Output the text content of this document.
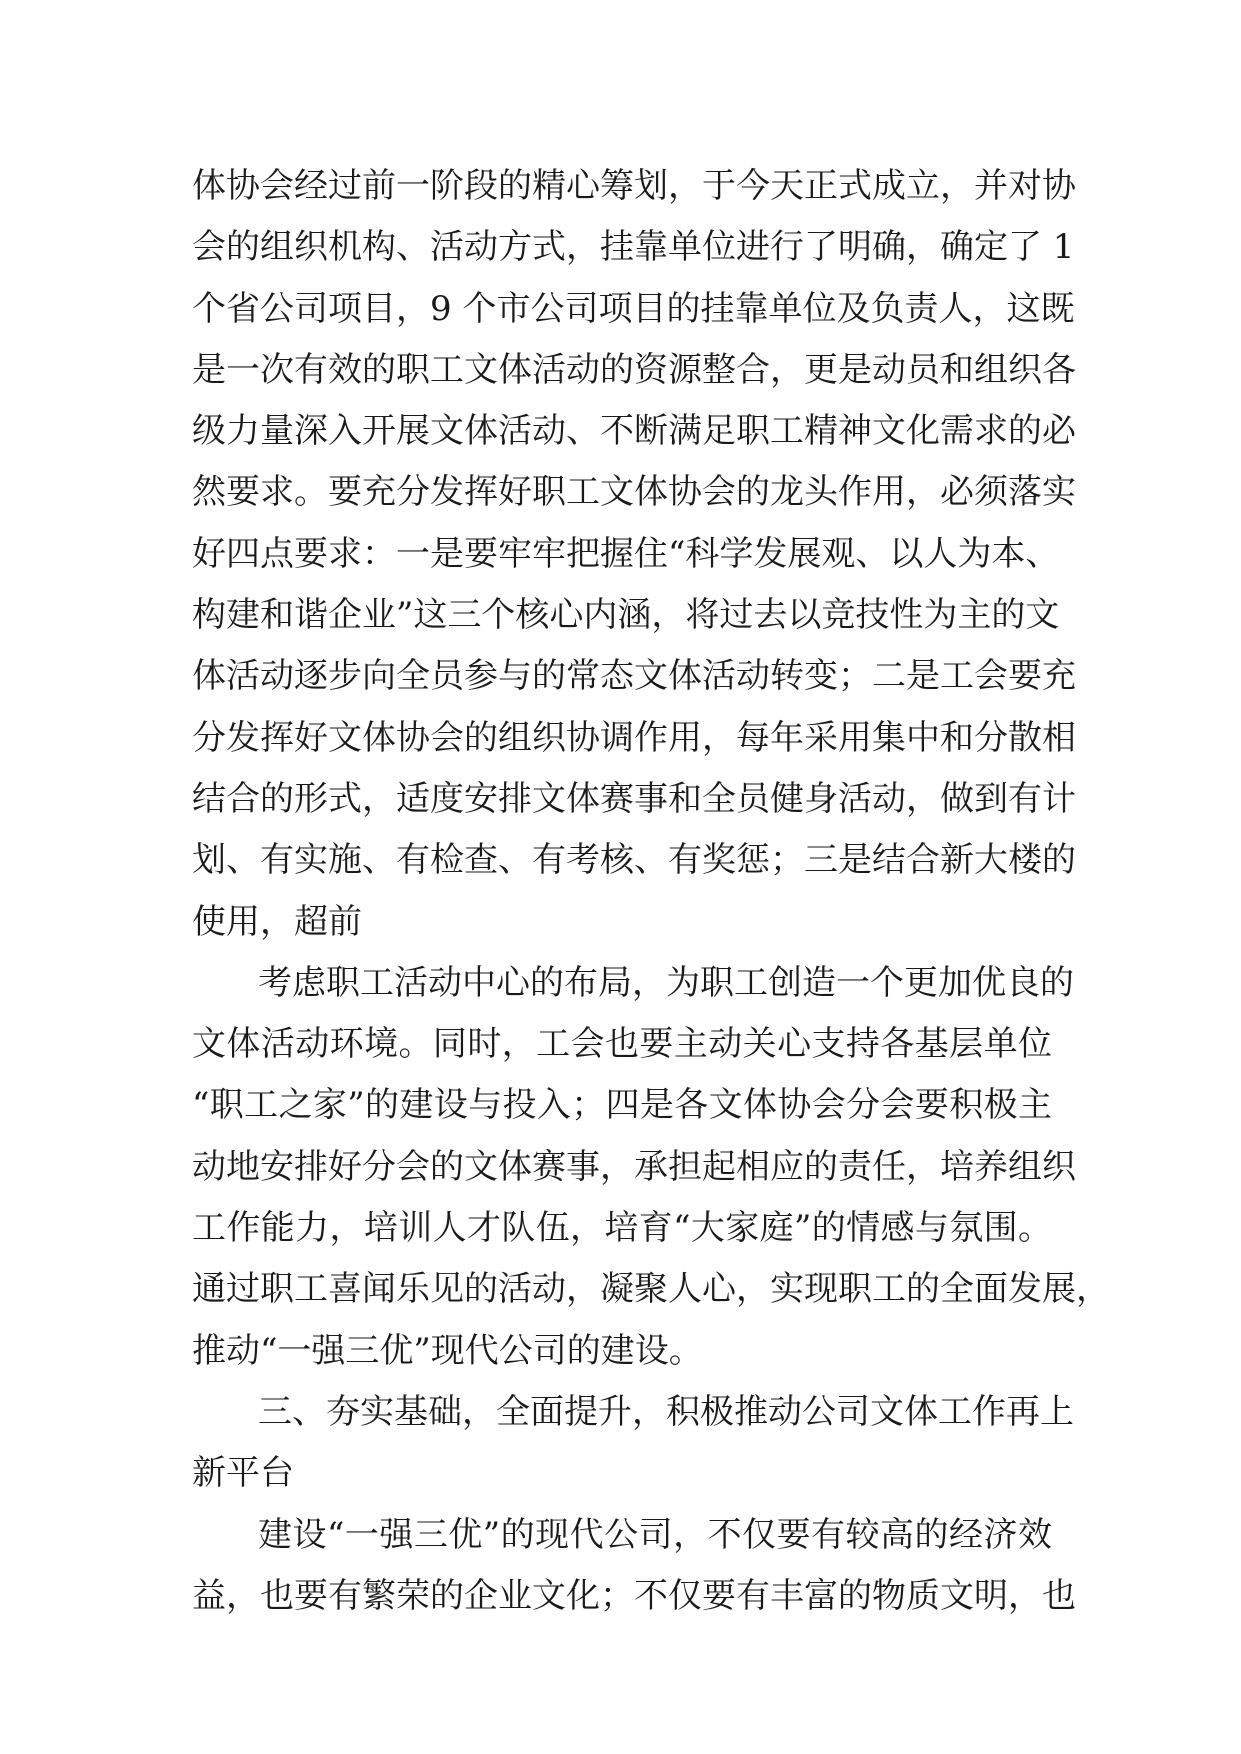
体协会经过前一阶段的精心筹划，于今天正式成立，并对协
会的组织机构、活动方式，挂靠单位进行了明确，确定了 1
个省公司项目，9 个市公司项目的挂靠单位及负责人，这既
是一次有效的职工文体活动的资源整合，更是动员和组织各
级力量深入开展文体活动、不断满足职工精神文化需求的必
然要求。要充分发挥好职工文体协会的龙头作用，必须落实
好四点要求：一是要牢牢把握住“科学发展观、以人为本、
构建和谐企业”这三个核心内涵，将过去以竞技性为主的文
体活动逐步向全员参与的常态文体活动转变；二是工会要充
分发挥好文体协会的组织协调作用，每年采用集中和分散相
结合的形式，适度安排文体赛事和全员健身活动，做到有计
划、有实施、有检查、有考核、有奖惩；三是结合新大楼的
使用，超前
考虑职工活动中心的布局，为职工创造一个更加优良的
文体活动环境。同时，工会也要主动关心支持各基层单位
“职工之家”的建设与投入；四是各文体协会分会要积极主
动地安排好分会的文体赛事，承担起相应的责任，培养组织
工作能力，培训人才队伍，培育“大家庭”的情感与氛围。
通过职工喜闻乐见的活动，凝聚人心，实现职工的全面发展，
推动“一强三优”现代公司的建设。
三、夯实基础，全面提升，积极推动公司文体工作再上
新平台
建设“一强三优”的现代公司，不仅要有较高的经济效
益，也要有繁荣的企业文化；不仅要有丰富的物质文明，也
